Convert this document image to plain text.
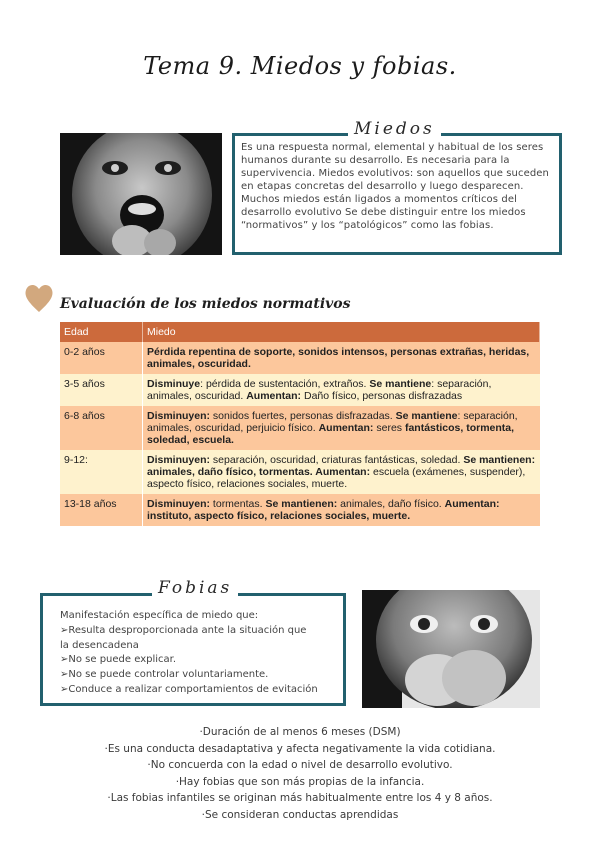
Tema 9. Miedos y fobias.
Miedos
Es una respuesta normal, elemental y habitual de los seres humanos durante su desarrollo. Es necesaria para la supervivencia. Miedos evolutivos: son aquellos que suceden en etapas concretas del desarrollo y luego desparecen. Muchos miedos están ligados a momentos críticos del desarrollo evolutivo Se debe distinguir entre los miedos “normativos” y los “patológicos” como las fobias.
Evaluación de los miedos normativos
Edad	Miedo
0-2 años	Pérdida repentina de soporte, sonidos intensos, personas extrañas, heridas, animales, oscuridad.
3-5 años	Disminuye: pérdida de sustentación, extraños. Se mantiene: separación, animales, oscuridad. Aumentan: Daño físico, personas disfrazadas
6-8 años	Disminuyen: sonidos fuertes, personas disfrazadas. Se mantiene: separación, animales, oscuridad, perjuicio físico. Aumentan: seres fantásticos, tormenta, soledad, escuela.
9-12:	Disminuyen: separación, oscuridad, criaturas fantásticas, soledad. Se mantienen: animales, daño físico, tormentas. Aumentan: escuela (exámenes, suspender), aspecto físico, relaciones sociales, muerte.
13-18 años	Disminuyen: tormentas. Se mantienen: animales, daño físico. Aumentan: instituto, aspecto físico, relaciones sociales, muerte.
Fobias
Manifestación específica de miedo que:
➢Resulta desproporcionada ante la situación que
la desencadena
➢No se puede explicar.
➢No se puede controlar voluntariamente.
➢Conduce a realizar comportamientos de evitación
·Duración de al menos 6 meses (DSM)
·Es una conducta desadaptativa y afecta negativamente la vida cotidiana.
·No concuerda con la edad o nivel de desarrollo evolutivo.
·Hay fobias que son más propias de la infancia.
·Las fobias infantiles se originan más habitualmente entre los 4 y 8 años.
·Se consideran conductas aprendidas
